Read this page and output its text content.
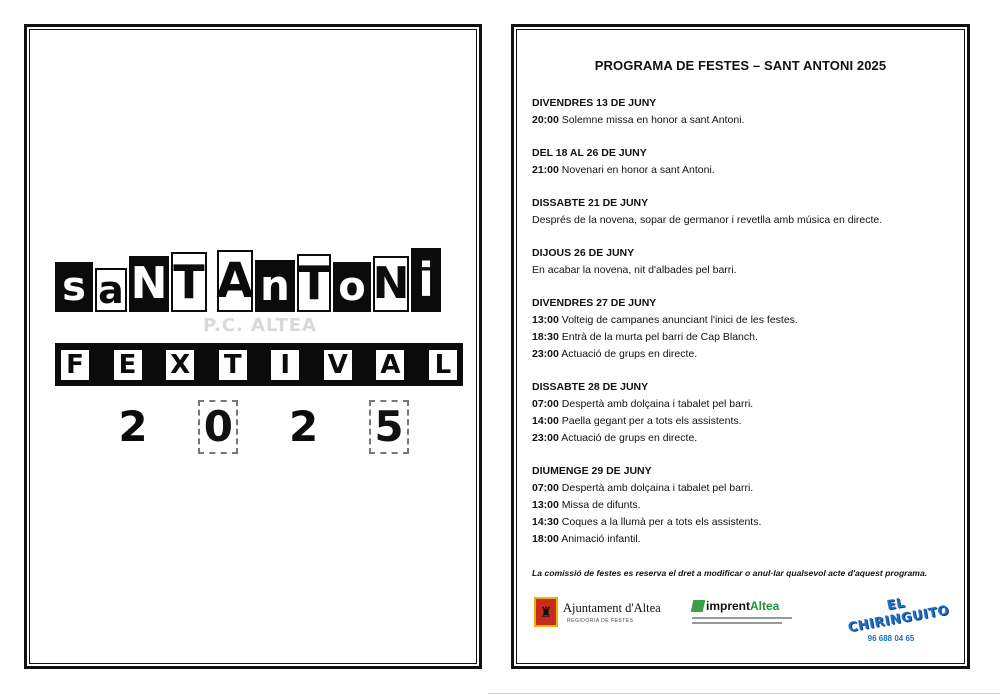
s a N T A n T o N i
P.C. ALTEA
F E X T	I	V A L
2 0 2 5
PROGRAMA DE FESTES – SANT ANTONI 2025
DIVENDRES 13 DE JUNY
20:00 Solemne missa en honor a sant Antoni.
DEL 18 AL 26 DE JUNY
21:00 Novenari en honor a sant Antoni.
DISSABTE 21 DE JUNY
Després de la novena, sopar de germanor i revetlla amb música en directe.
DIJOUS 26 DE JUNY
En acabar la novena, nit d'albades pel barri.
DIVENDRES 27 DE JUNY
13:00 Volteig de campanes anunciant l'inici de les festes.
18:30 Entrà de la murta pel barri de Cap Blanch.
23:00 Actuació de grups en directe.
DISSABTE 28 DE JUNY
07:00 Despertà amb dolçaina i tabalet pel barri.
14:00 Paella gegant per a tots els assistents.
23:00 Actuació de grups en directe.
DIUMENGE 29 DE JUNY
07:00 Despertà amb dolçaina i tabalet pel barri.
13:00 Missa de difunts.
14:30 Coques a la llumà per a tots els assistents.
18:00 Animació infantil.
La comissió de festes es reserva el dret a modificar o anul·lar qualsevol acte d'aquest programa.
♜ Ajuntament d'Altea
REGIDORIA DE FESTES
imprent Altea	EL CHIRINGUITO
96 688 04 65
